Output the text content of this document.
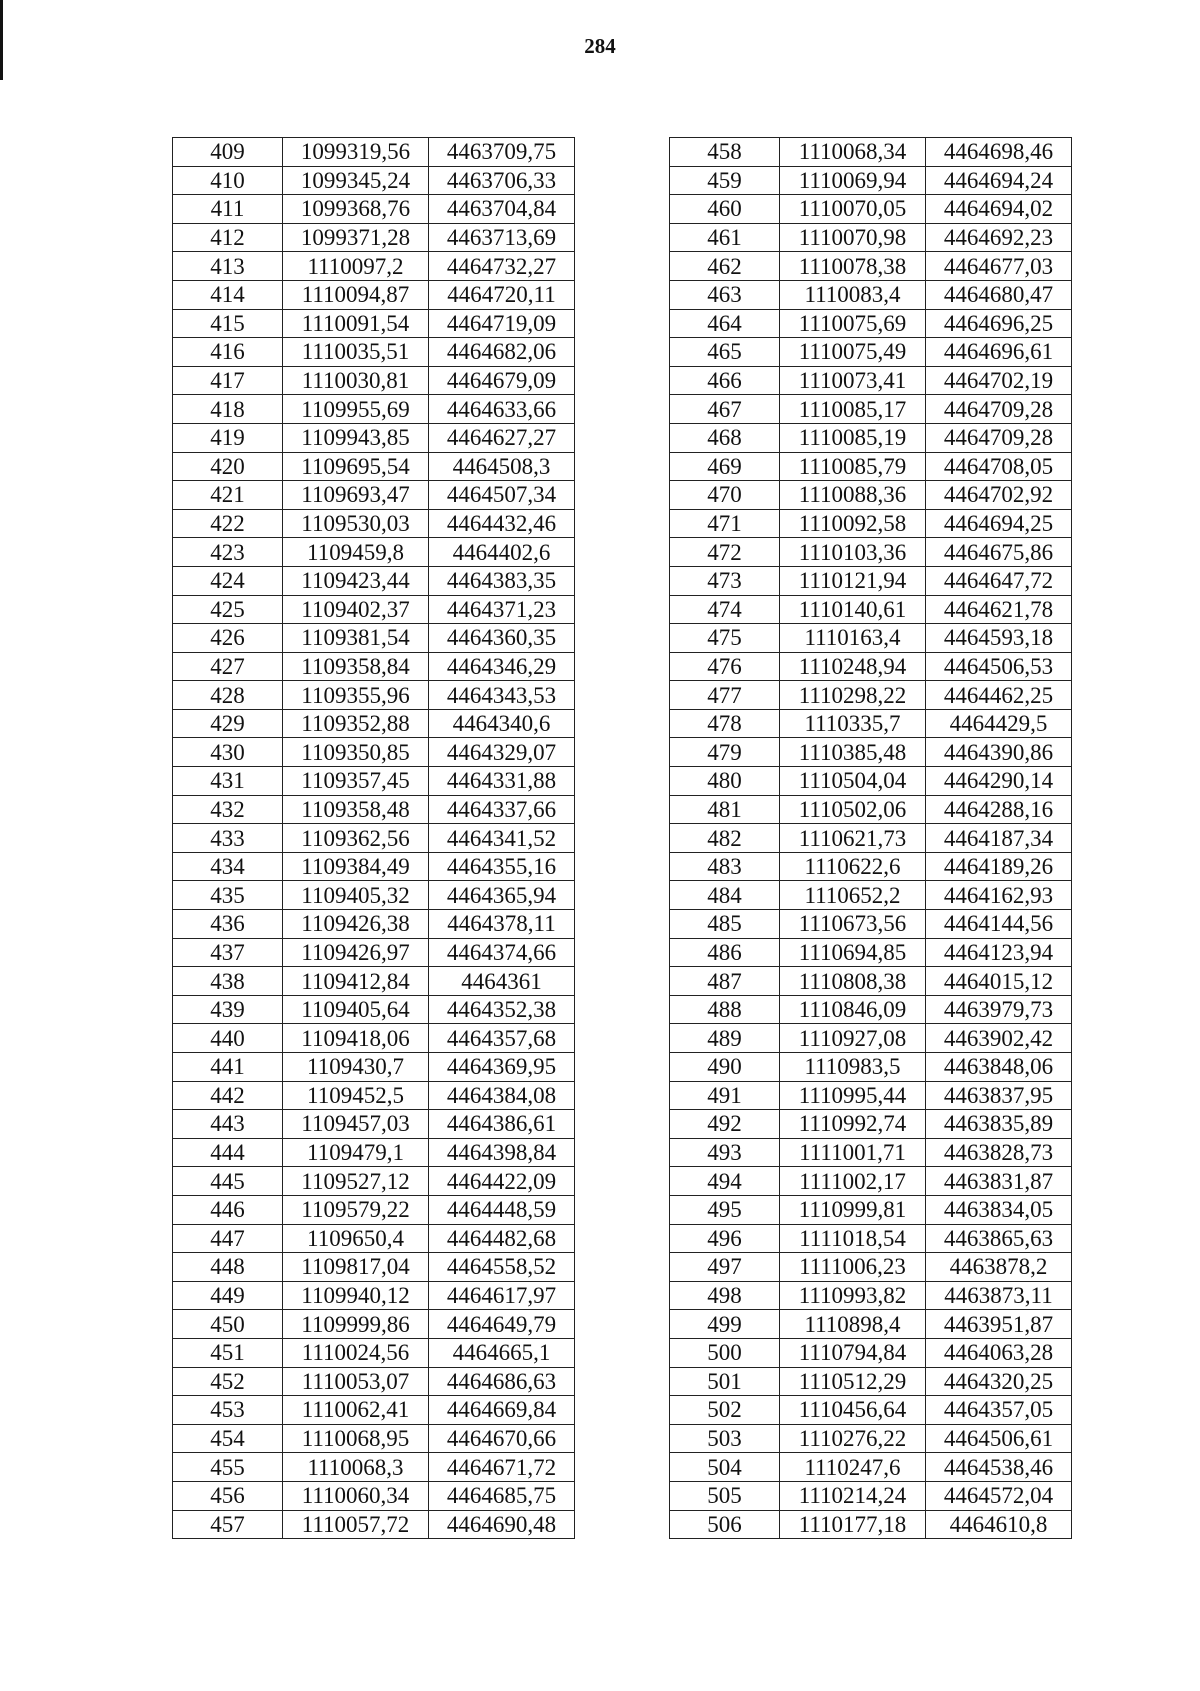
284
409	1099319,56	4463709,75
410	1099345,24	4463706,33
411	1099368,76	4463704,84
412	1099371,28	4463713,69
413	1110097,2	4464732,27
414	1110094,87	4464720,11
415	1110091,54	4464719,09
416	1110035,51	4464682,06
417	1110030,81	4464679,09
418	1109955,69	4464633,66
419	1109943,85	4464627,27
420	1109695,54	4464508,3
421	1109693,47	4464507,34
422	1109530,03	4464432,46
423	1109459,8	4464402,6
424	1109423,44	4464383,35
425	1109402,37	4464371,23
426	1109381,54	4464360,35
427	1109358,84	4464346,29
428	1109355,96	4464343,53
429	1109352,88	4464340,6
430	1109350,85	4464329,07
431	1109357,45	4464331,88
432	1109358,48	4464337,66
433	1109362,56	4464341,52
434	1109384,49	4464355,16
435	1109405,32	4464365,94
436	1109426,38	4464378,11
437	1109426,97	4464374,66
438	1109412,84	4464361
439	1109405,64	4464352,38
440	1109418,06	4464357,68
441	1109430,7	4464369,95
442	1109452,5	4464384,08
443	1109457,03	4464386,61
444	1109479,1	4464398,84
445	1109527,12	4464422,09
446	1109579,22	4464448,59
447	1109650,4	4464482,68
448	1109817,04	4464558,52
449	1109940,12	4464617,97
450	1109999,86	4464649,79
451	1110024,56	4464665,1
452	1110053,07	4464686,63
453	1110062,41	4464669,84
454	1110068,95	4464670,66
455	1110068,3	4464671,72
456	1110060,34	4464685,75
457	1110057,72	4464690,48
458	1110068,34	4464698,46
459	1110069,94	4464694,24
460	1110070,05	4464694,02
461	1110070,98	4464692,23
462	1110078,38	4464677,03
463	1110083,4	4464680,47
464	1110075,69	4464696,25
465	1110075,49	4464696,61
466	1110073,41	4464702,19
467	1110085,17	4464709,28
468	1110085,19	4464709,28
469	1110085,79	4464708,05
470	1110088,36	4464702,92
471	1110092,58	4464694,25
472	1110103,36	4464675,86
473	1110121,94	4464647,72
474	1110140,61	4464621,78
475	1110163,4	4464593,18
476	1110248,94	4464506,53
477	1110298,22	4464462,25
478	1110335,7	4464429,5
479	1110385,48	4464390,86
480	1110504,04	4464290,14
481	1110502,06	4464288,16
482	1110621,73	4464187,34
483	1110622,6	4464189,26
484	1110652,2	4464162,93
485	1110673,56	4464144,56
486	1110694,85	4464123,94
487	1110808,38	4464015,12
488	1110846,09	4463979,73
489	1110927,08	4463902,42
490	1110983,5	4463848,06
491	1110995,44	4463837,95
492	1110992,74	4463835,89
493	1111001,71	4463828,73
494	1111002,17	4463831,87
495	1110999,81	4463834,05
496	1111018,54	4463865,63
497	1111006,23	4463878,2
498	1110993,82	4463873,11
499	1110898,4	4463951,87
500	1110794,84	4464063,28
501	1110512,29	4464320,25
502	1110456,64	4464357,05
503	1110276,22	4464506,61
504	1110247,6	4464538,46
505	1110214,24	4464572,04
506	1110177,18	4464610,8
